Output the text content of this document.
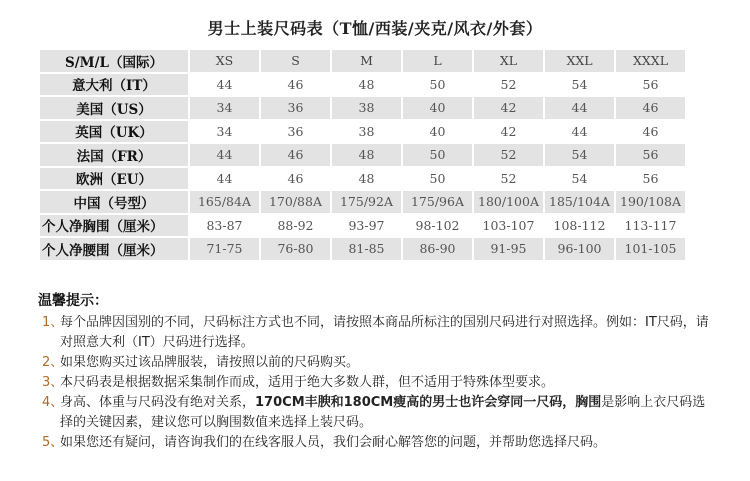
男士上装尺码表（T恤/西装/夹克/风衣/外套）
S/M/L（国际）	XS	S	M	L	XL	XXL	XXXL
意大利（IT）	44	46	48	50	52	54	56
美国（US）	34	36	38	40	42	44	46
英国（UK）	34	36	38	40	42	44	46
法国（FR）	44	46	48	50	52	54	56
欧洲（EU）	44	46	48	50	52	54	56
中国（号型）	165/84A	170/88A	175/92A	175/96A	180/100A	185/104A	190/108A
个人净胸围（厘米）	83-87	88-92	93-97	98-102	103-107	108-112	113-117
个人净腰围（厘米）	71-75	76-80	81-85	86-90	91-95	96-100	101-105
温馨提示：
1、
每个品牌因国别的不同，尺码标注方式也不同，请按照本商品所标注的国别尺码进行对照选择。例如：IT尺码，请对照意大利（IT）尺码进行选择。
2、
如果您购买过该品牌服装，请按照以前的尺码购买。
3、
本尺码表是根据数据采集制作而成，适用于绝大多数人群，但不适用于特殊体型要求。
4、
身高、体重与尺码没有绝对关系，170CM丰腴和180CM瘦高的男士也许会穿同一尺码，胸围是影响上衣尺码选择的关键因素，建议您可以胸围数值来选择上装尺码。
5、
如果您还有疑问，请咨询我们的在线客服人员，我们会耐心解答您的问题，并帮助您选择尺码。
